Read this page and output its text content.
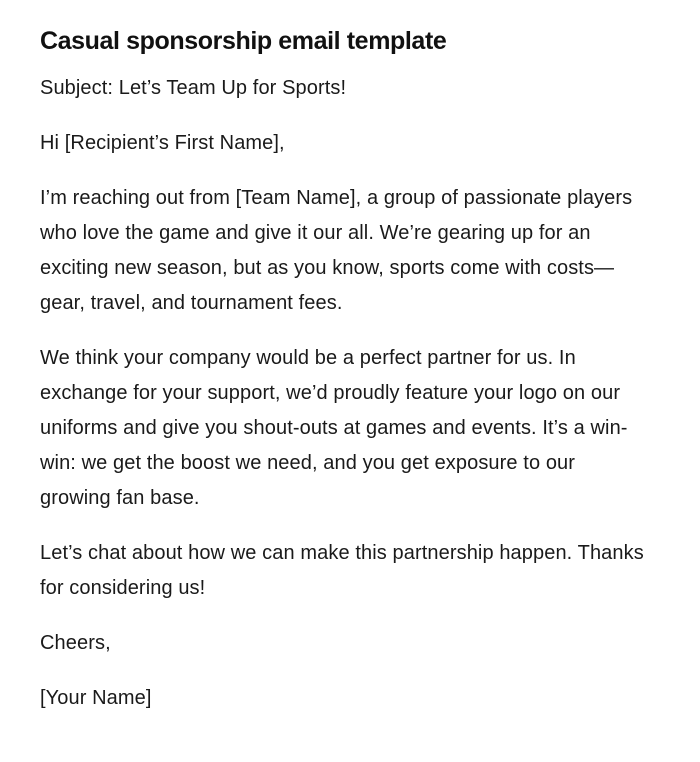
Casual sponsorship email template

Subject: Let’s Team Up for Sports!

Hi [Recipient’s First Name],

I’m reaching out from [Team Name], a group of passionate players who love the game and give it our all. We’re gearing up for an exciting new season, but as you know, sports come with costs—gear, travel, and tournament fees.

We think your company would be a perfect partner for us. In exchange for your support, we’d proudly feature your logo on our uniforms and give you shout-outs at games and events. It’s a win-win: we get the boost we need, and you get exposure to our growing fan base.

Let’s chat about how we can make this partnership happen. Thanks for considering us!

Cheers,

[Your Name]
